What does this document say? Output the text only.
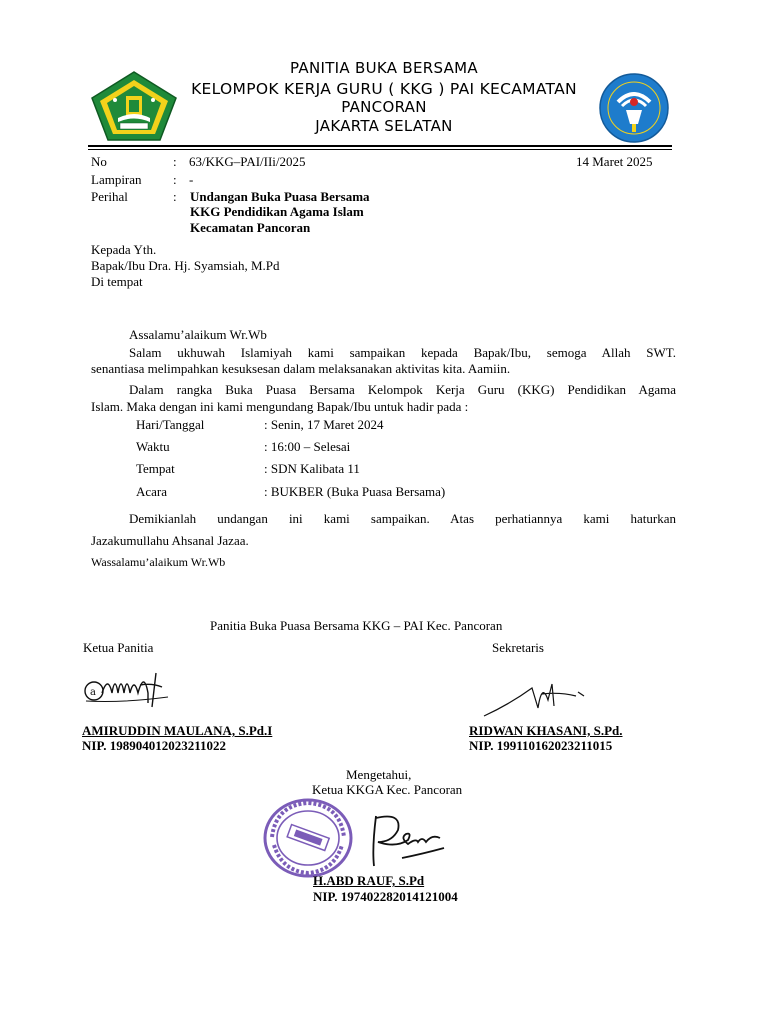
PANITIA BUKA BERSAMA
KELOMPOK KERJA GURU ( KKG ) PAI KECAMATAN
PANCORAN
JAKARTA SELATAN
No	: 63/KKG–PAI/IIi/2025	14 Maret 2025
Lampiran : -
Perihal	: Undangan Buka Puasa Bersama
KKG Pendidikan Agama Islam
Kecamatan Pancoran
Kepada Yth.
Bapak/Ibu Dra. Hj. Syamsiah, M.Pd
Di tempat
Assalamu’alaikum Wr.Wb
Salam ukhuwah Islamiyah kami sampaikan kepada Bapak/Ibu, semoga Allah SWT.
senantiasa melimpahkan kesuksesan dalam melaksanakan aktivitas kita. Aamiin.
Dalam rangka Buka Puasa Bersama Kelompok Kerja Guru (KKG) Pendidikan Agama
Islam. Maka dengan ini kami mengundang Bapak/Ibu untuk hadir pada :
Hari/Tanggal	: Senin, 17 Maret 2024
Waktu	: 16:00 – Selesai
Tempat	: SDN Kalibata 11
Acara	: BUKBER (Buka Puasa Bersama)
Demikianlah undangan ini kami sampaikan. Atas perhatiannya kami haturkan
Jazakumullahu Ahsanal Jazaa.
Wassalamu’alaikum Wr.Wb
Panitia Buka Puasa Bersama KKG – PAI Kec. Pancoran
Ketua Panitia	Sekretaris
a
AMIRUDDIN MAULANA, S.Pd.I
NIP. 198904012023211022
RIDWAN KHASANI, S.Pd.
NIP. 199110162023211015
Mengetahui,
Ketua KKGA Kec. Pancoran
H.ABD RAUF, S.Pd
NIP. 197402282014121004
